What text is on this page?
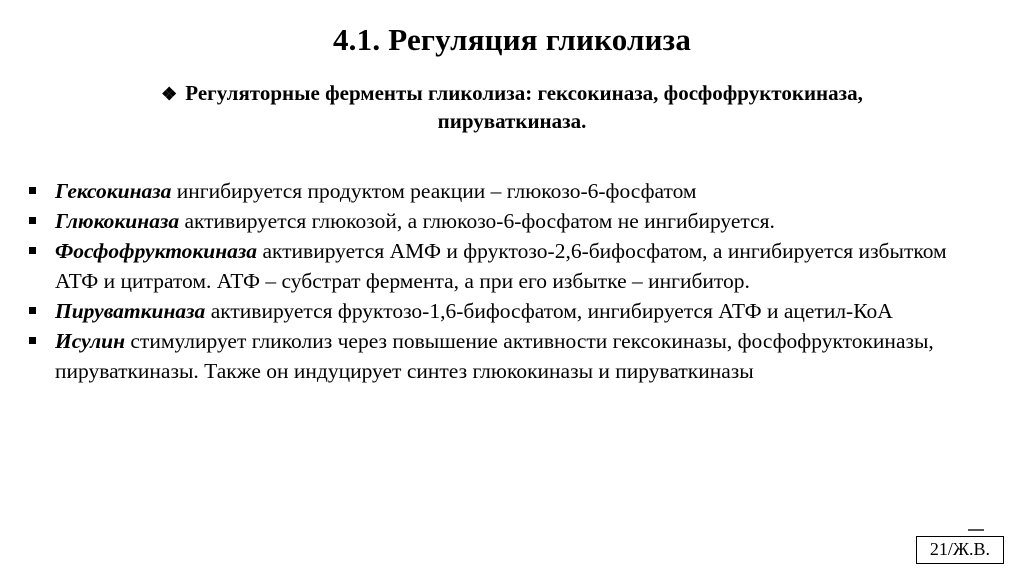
4.1. Регуляция гликолиза
❖ Регуляторные ферменты гликолиза: гексокиназа, фосфофруктокиназа,
пируваткиназа.
Гексокиназа ингибируется продуктом реакции – глюкозо-6-фосфатом
Глюкокиназа активируется глюкозой, а глюкозо-6-фосфатом не ингибируется.
Фосфофруктокиназа активируется АМФ и фруктозо-2,6-бифосфатом, а ингибируется избытком АТФ и цитратом. АТФ – субстрат фермента, а при его избытке – ингибитор.
Пируваткиназа активируется фруктозо-1,6-бифосфатом, ингибируется АТФ и ацетил-КоА
Исулин стимулирует гликолиз через повышение активности гексокиназы, фосфофруктокиназы, пируваткиназы. Также он индуцирует синтез глюкокиназы и пируваткиназы
21/Ж.В.
